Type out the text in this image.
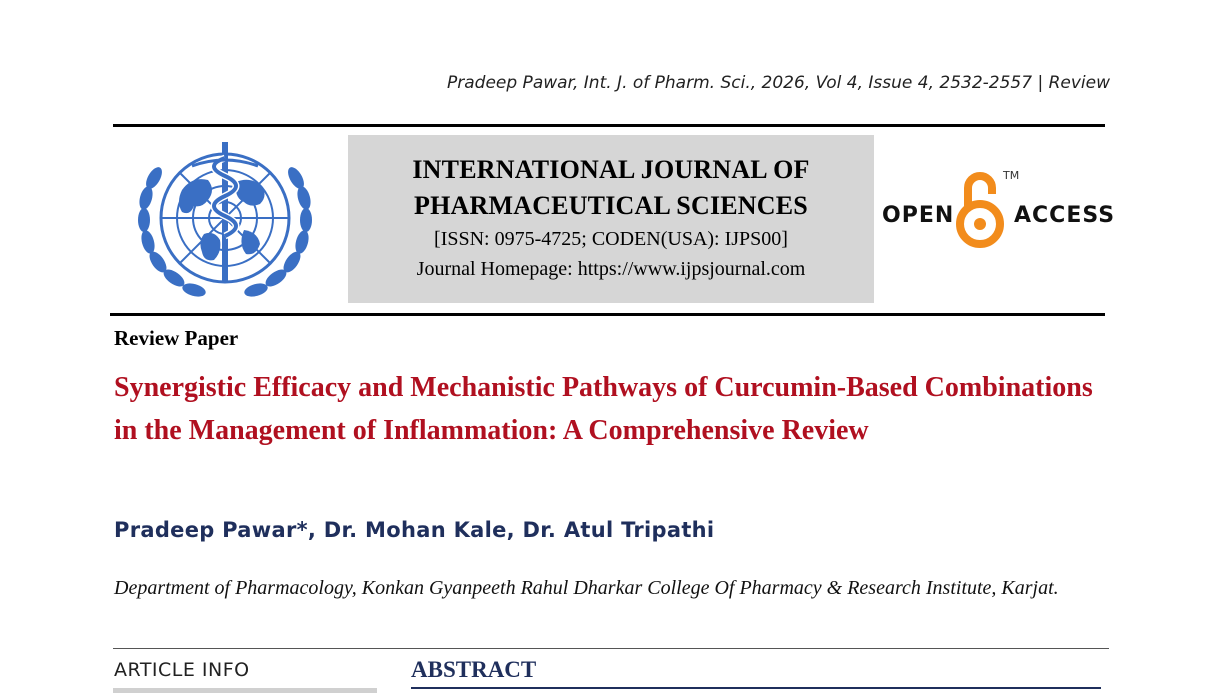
Pradeep Pawar, Int. J. of Pharm. Sci., 2026, Vol 4, Issue 4, 2532-2557 | Review
INTERNATIONAL JOURNAL OF
PHARMACEUTICAL SCIENCES
[ISSN: 0975-4725; CODEN(USA): IJPS00]
Journal Homepage: https://www.ijpsjournal.com
OPEN
TM
ACCESS
Review Paper
Synergistic Efficacy and Mechanistic Pathways of Curcumin-Based Combinations in the Management of Inflammation: A Comprehensive Review
Pradeep Pawar*, Dr. Mohan Kale, Dr. Atul Tripathi
Department of Pharmacology, Konkan Gyanpeeth Rahul Dharkar College Of Pharmacy & Research Institute, Karjat.
ARTICLE INFO	ABSTRACT
